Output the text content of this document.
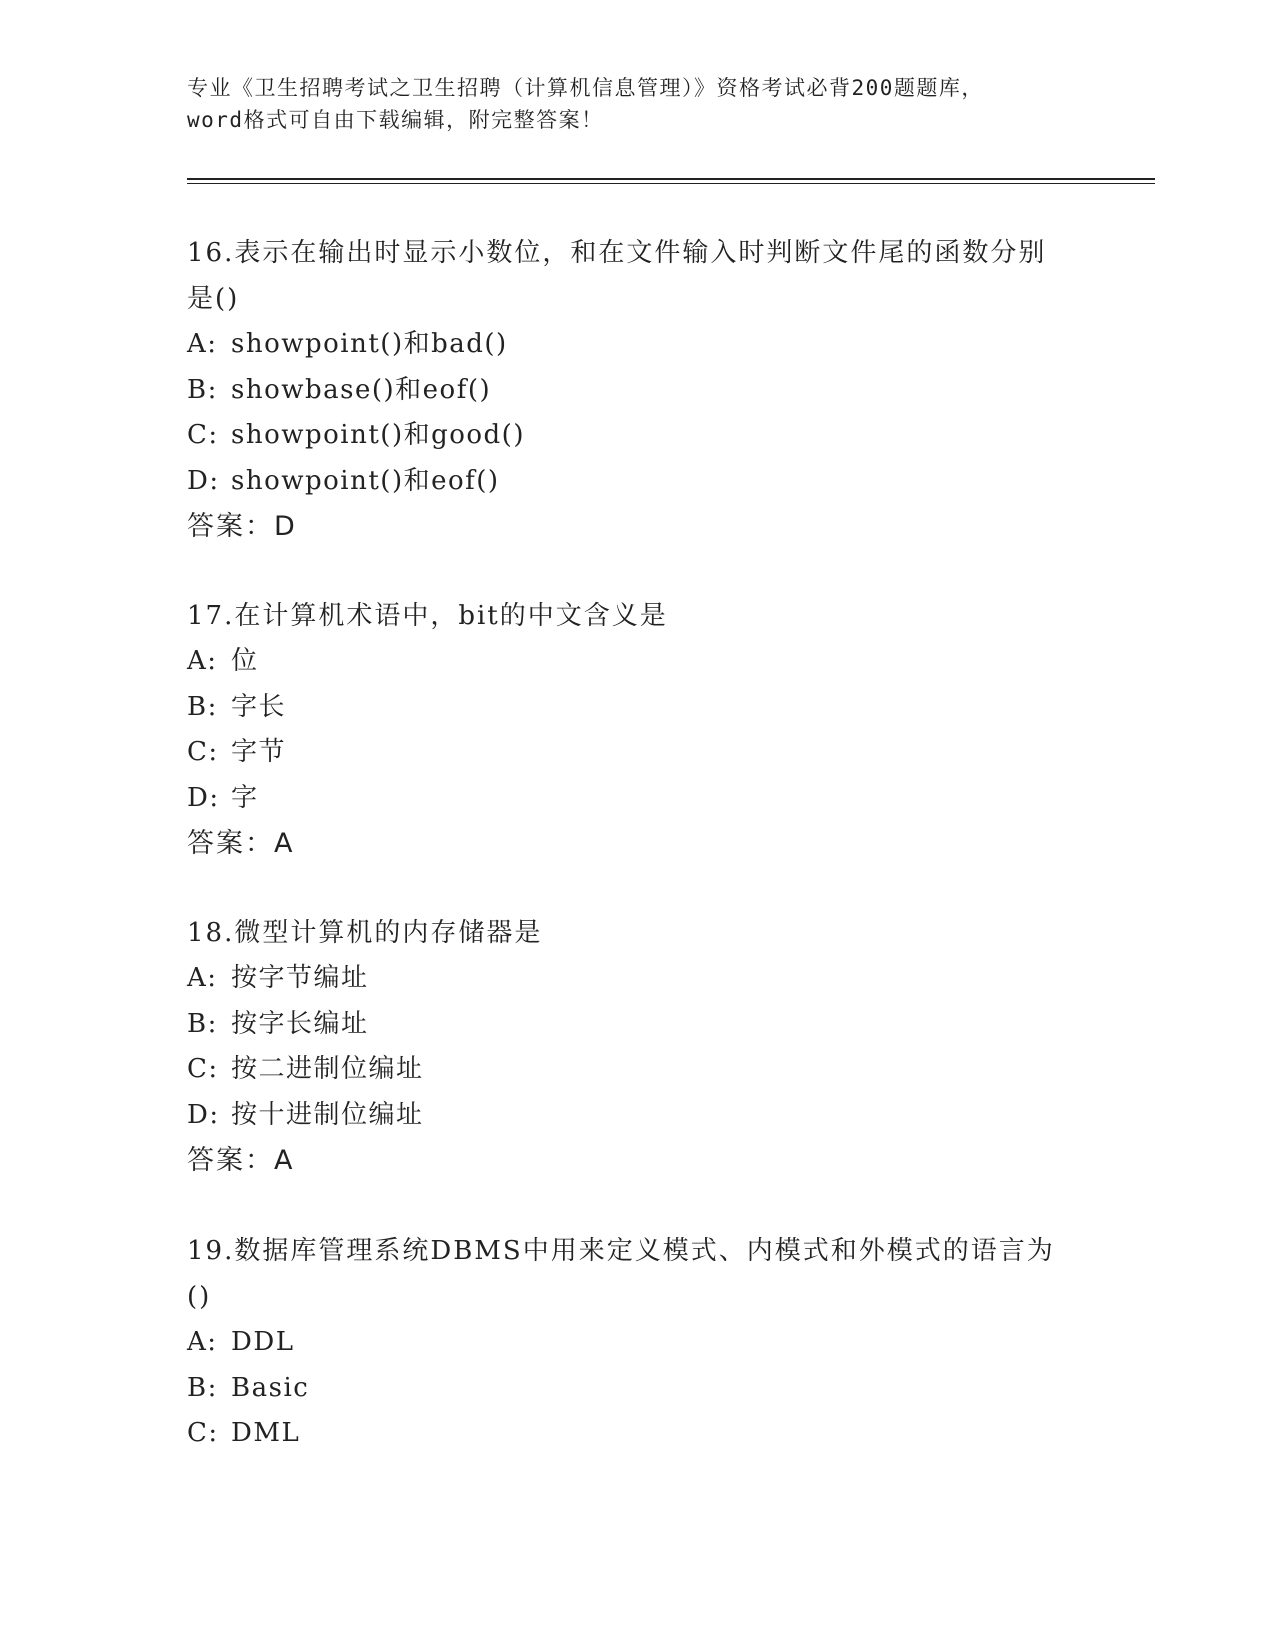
专业《卫生招聘考试之卫生招聘（计算机信息管理）》资格考试必背200题题库，

word格式可自由下载编辑，附完整答案！

16.表示在输出时显示小数位，和在文件输入时判断文件尾的函数分别

是()

A: showpoint()和bad()

B: showbase()和eof()

C: showpoint()和good()

D: showpoint()和eof()

答案：D

17.在计算机术语中，bit的中文含义是

A: 位

B: 字长

C: 字节

D: 字

答案：A

18.微型计算机的内存储器是

A: 按字节编址

B: 按字长编址

C: 按二进制位编址

D: 按十进制位编址

答案：A

19.数据库管理系统DBMS中用来定义模式、内模式和外模式的语言为

()

A: DDL

B: Basic

C: DML
